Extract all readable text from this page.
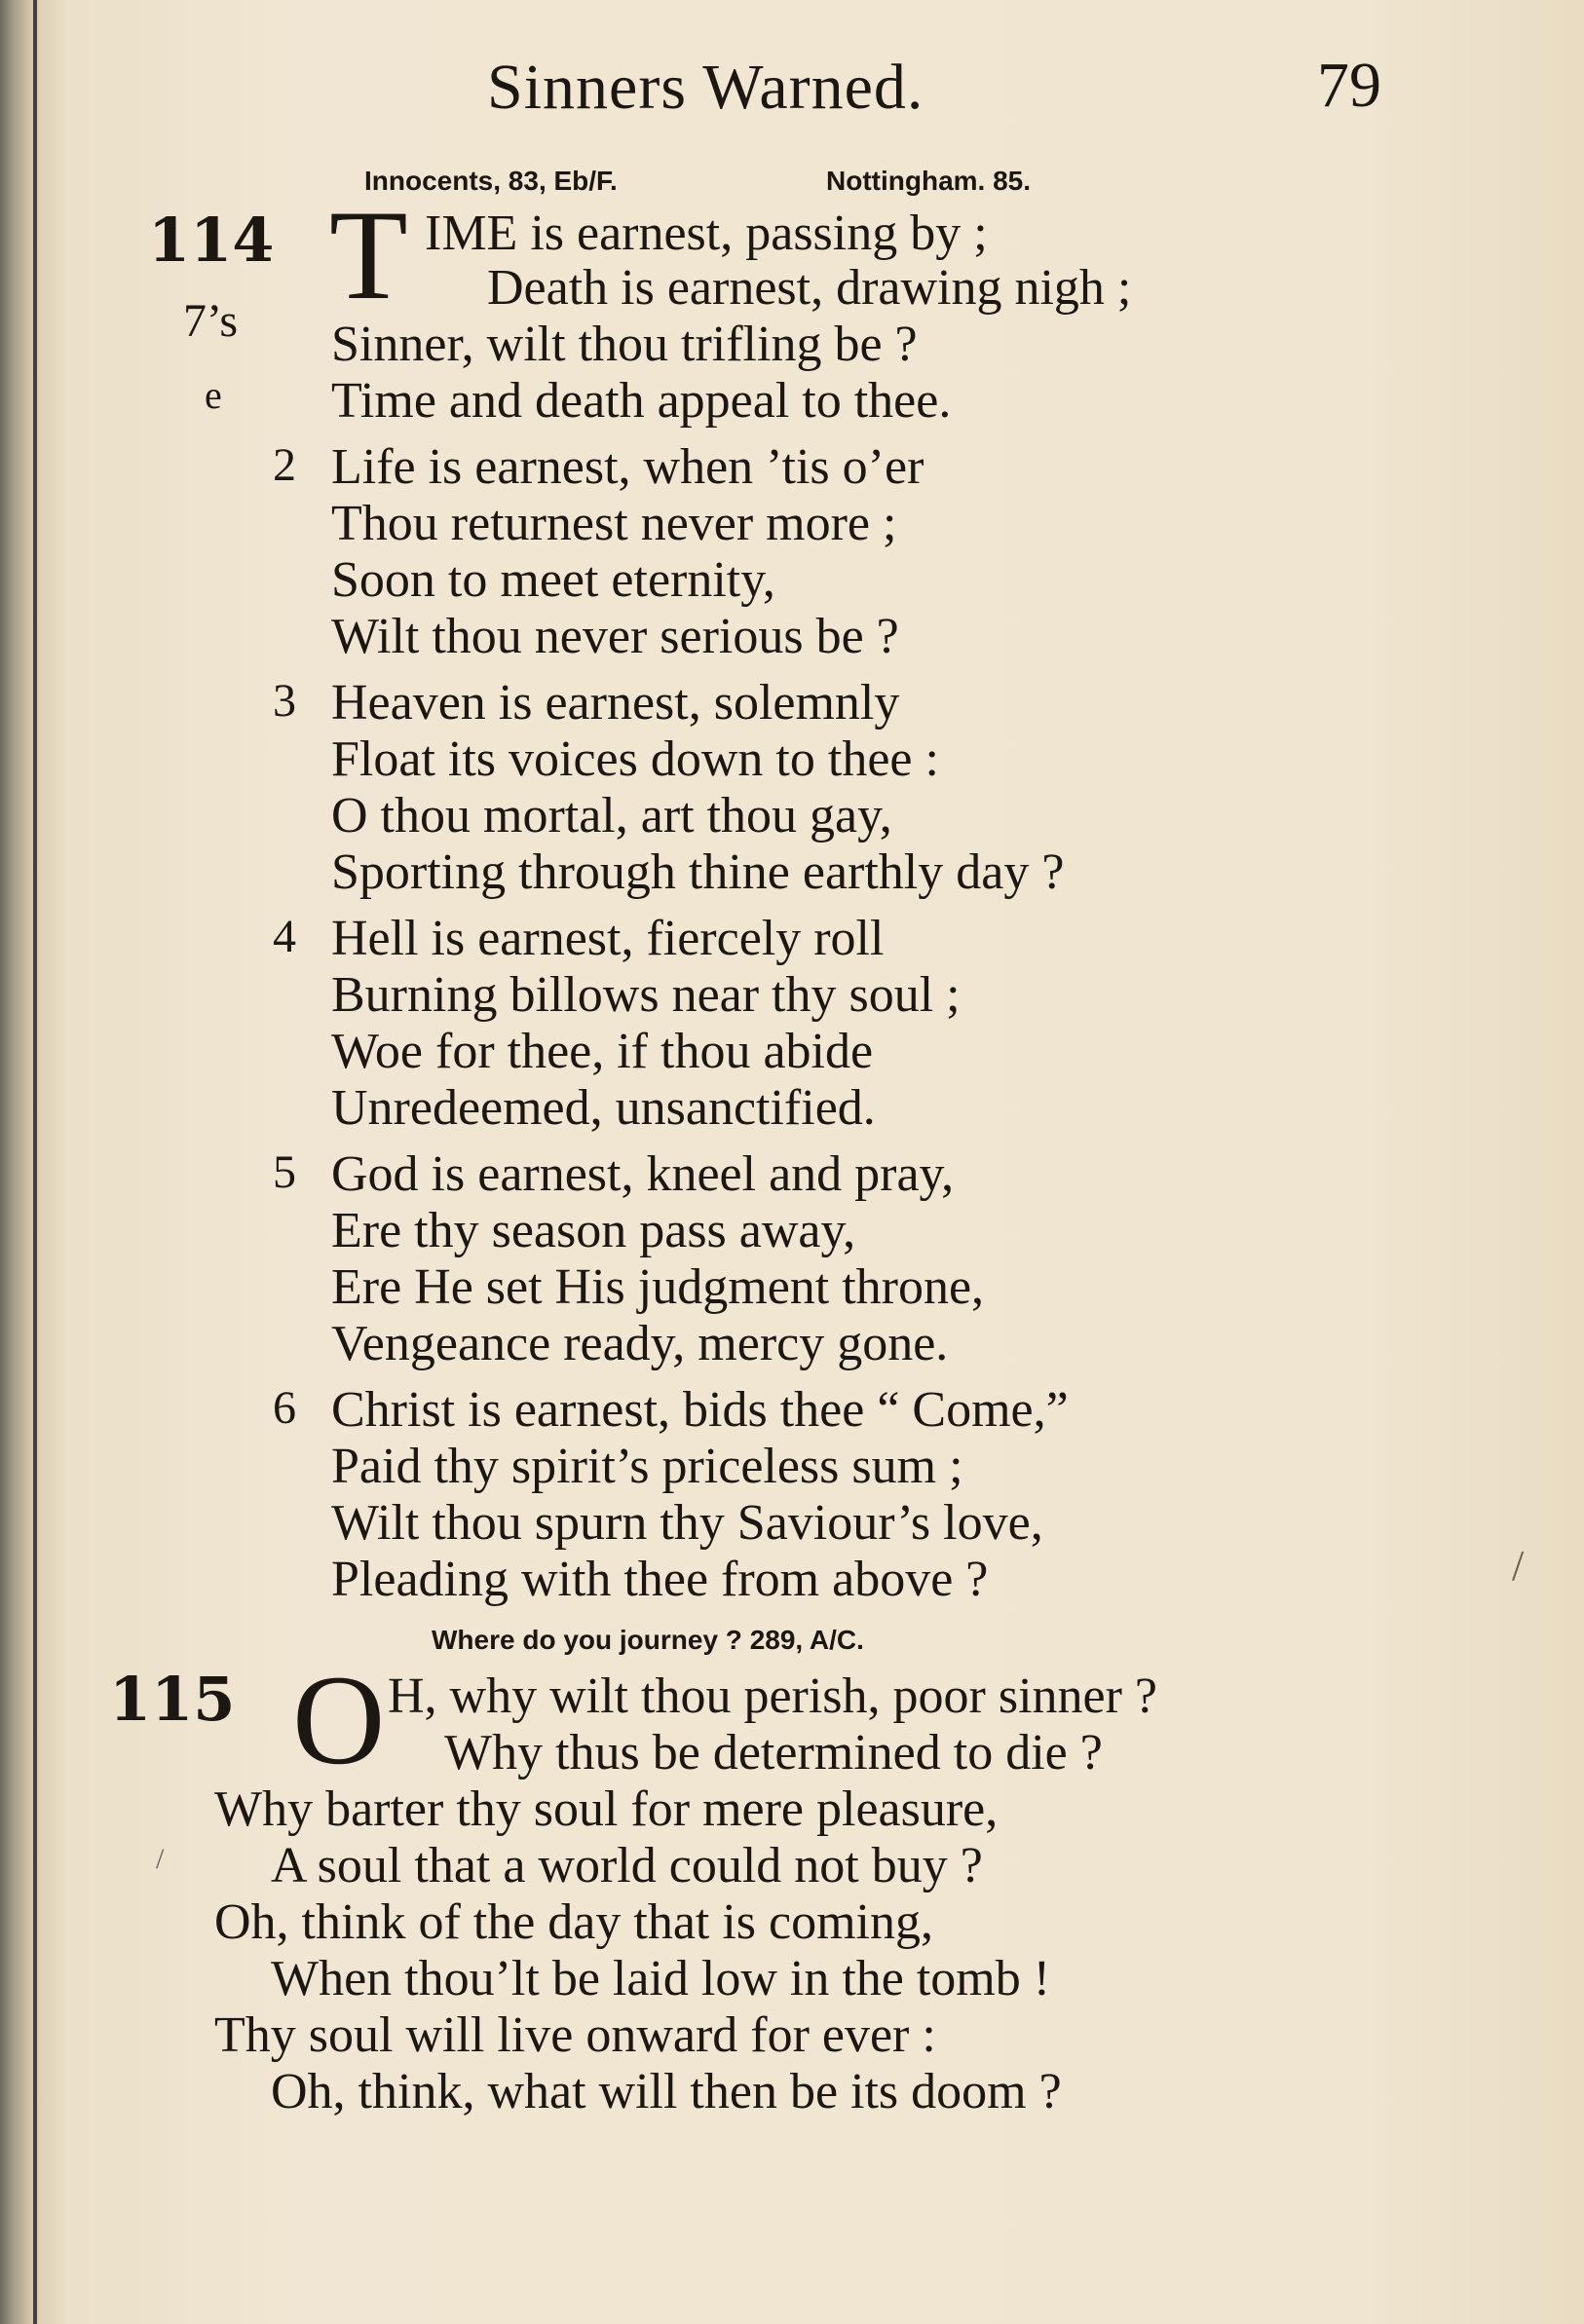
Sinners Warned.	79
Innocents, 83, Eb/F.	Nottingham. 85.
114
7’s
e
T IME is earnest, passing by ;
Death is earnest, drawing nigh ;
Sinner, wilt thou trifling be ?
Time and death appeal to thee.
2 Life is earnest, when ’tis o’er
Thou returnest never more ;
Soon to meet eternity,
Wilt thou never serious be ?
3 Heaven is earnest, solemnly
Float its voices down to thee :
O thou mortal, art thou gay,
Sporting through thine earthly day ?
4 Hell is earnest, fiercely roll
Burning billows near thy soul ;
Woe for thee, if thou abide
Unredeemed, unsanctified.
5 God is earnest, kneel and pray,
Ere thy season pass away,
Ere He set His judgment throne,
Vengeance ready, mercy gone.
6 Christ is earnest, bids thee “ Come,”
Paid thy spirit’s priceless sum ;
Wilt thou spurn thy Saviour’s love,
Pleading with thee from above ?
Where do you journey ? 289, A/C.
115 O H, why wilt thou perish, poor sinner ?
Why thus be determined to die ?
Why barter thy soul for mere pleasure,
A soul that a world could not buy ?
Oh, think of the day that is coming,
When thou’lt be laid low in the tomb !
Thy soul will live onward for ever :
Oh, think, what will then be its doom ?
/
/
